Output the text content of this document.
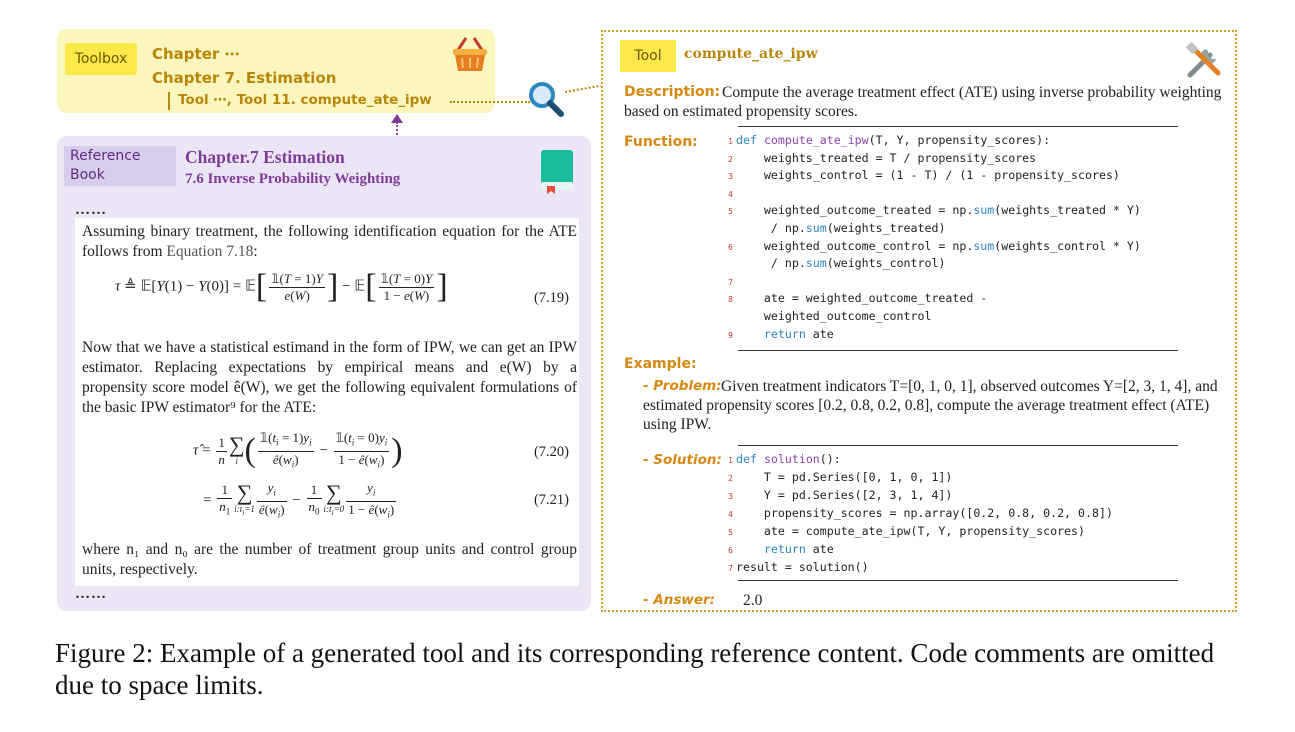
Toolbox	Chapter ⋯
Chapter 7. Estimation
Tool ⋯, Tool 11. compute_ate_ipw
Reference
Book
Chapter.7 Estimation
7.6 Inverse Probability Weighting
……
Assuming binary treatment, the following identification equation for the ATE follows from Equation 7.18:
τ ≜ 𝔼[Y(1) − Y(0)] = 𝔼[ $\frac{𝟙(T = 1)Y}{e(W)}$ ] − 𝔼[ $\frac{𝟙(T = 0)Y}{1 - e(W)}$ ]	(7.19)
Now that we have a statistical estimand in the form of IPW, we can get an IPW estimator. Replacing expectations by empirical means and e(W) by a propensity score model ê(W), we get the following equivalent formulations of the basic IPW estimator⁹ for the ATE:
τ̂ = $\frac{1}{n}$ ∑
i ( $\frac{𝟙(t_i = 1)y_i}{ê(w_i)} - \frac{𝟙(t_i = 0)y_i}{1 - ê(w_i)}$ )	(7.20)
= $\frac{1}{n_1}$ ∑
$i:t_i=1 \frac{y_i}{ê(w_i)} - \frac{1}{n_0}$ ∑
$i:t_i=0 \frac{y_i}{1 - ê(w_i)}$	(7.21)
where n₁ and n₀ are the number of treatment group units and control group units, respectively.
……
Tool	compute_ate_ipw
Description: Compute the average treatment effect (ATE) using inverse probability weighting based on estimated propensity scores.
Function:	1 def compute_ate_ipw(T, Y, propensity_scores):
2 weights_treated = T / propensity_scores
3 weights_control = (1 - T) / (1 - propensity_scores)
4
5 weighted_outcome_treated = np.sum(weights_treated * Y)
/ np.sum(weights_treated)
6 weighted_outcome_control = np.sum(weights_control * Y)
/ np.sum(weights_control)
7
8 ate = weighted_outcome_treated -
weighted_outcome_control
9	return ate
Example:
- Problem: Given treatment indicators T=[0, 1, 0, 1], observed outcomes Y=[2, 3, 1, 4], and estimated propensity scores [0.2, 0.8, 0.2, 0.8], compute the average treatment effect (ATE) using IPW.
- Solution: 1 def solution():
2 T = pd.Series([0, 1, 0, 1])
3 Y = pd.Series([2, 3, 1, 4])
4 propensity_scores = np.array([0.2, 0.8, 0.2, 0.8])
5 ate = compute_ate_ipw(T, Y, propensity_scores)
6	return ate
7 result = solution()
- Answer: 2.0
Figure 2: Example of a generated tool and its corresponding reference content. Code comments are omitted due to space limits.
